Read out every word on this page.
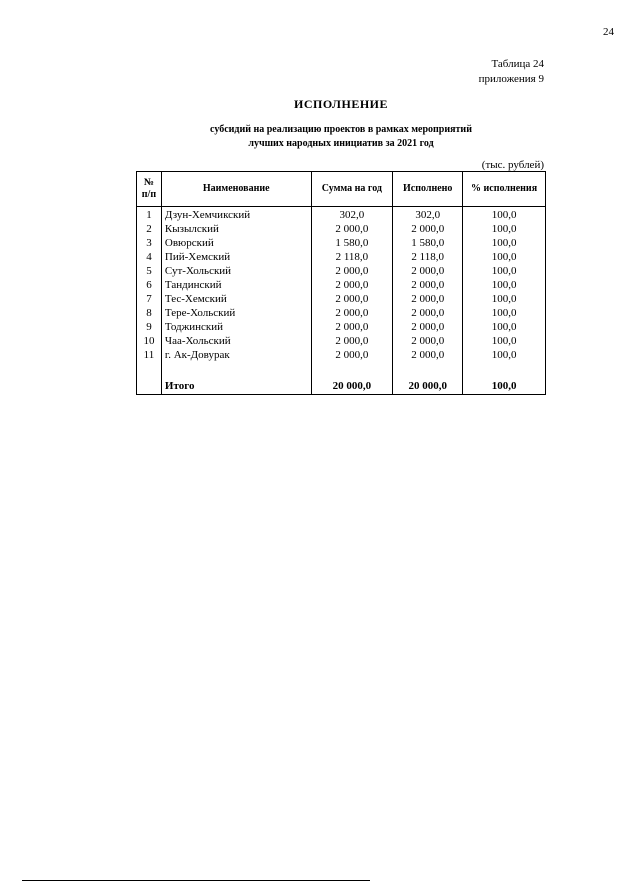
24
Таблица 24
приложения 9
ИСПОЛНЕНИЕ
субсидий на реализацию проектов в рамках мероприятий
лучших народных инициатив за 2021 год
(тыс. рублей)
№
п/п	Наименование	Сумма на год	Исполнено	% исполнения
1	Дзун-Хемчикский	302,0	302,0	100,0
2	Кызылский	2 000,0	2 000,0	100,0
3	Овюрский	1 580,0	1 580,0	100,0
4	Пий-Хемский	2 118,0	2 118,0	100,0
5	Сут-Хольский	2 000,0	2 000,0	100,0
6	Тандинский	2 000,0	2 000,0	100,0
7	Тес-Хемский	2 000,0	2 000,0	100,0
8	Тере-Хольский	2 000,0	2 000,0	100,0
9	Тоджинский	2 000,0	2 000,0	100,0
10	Чаа-Хольский	2 000,0	2 000,0	100,0
11	г. Ак-Довурак	2 000,0	2 000,0	100,0

	Итого	20 000,0	20 000,0	100,0
